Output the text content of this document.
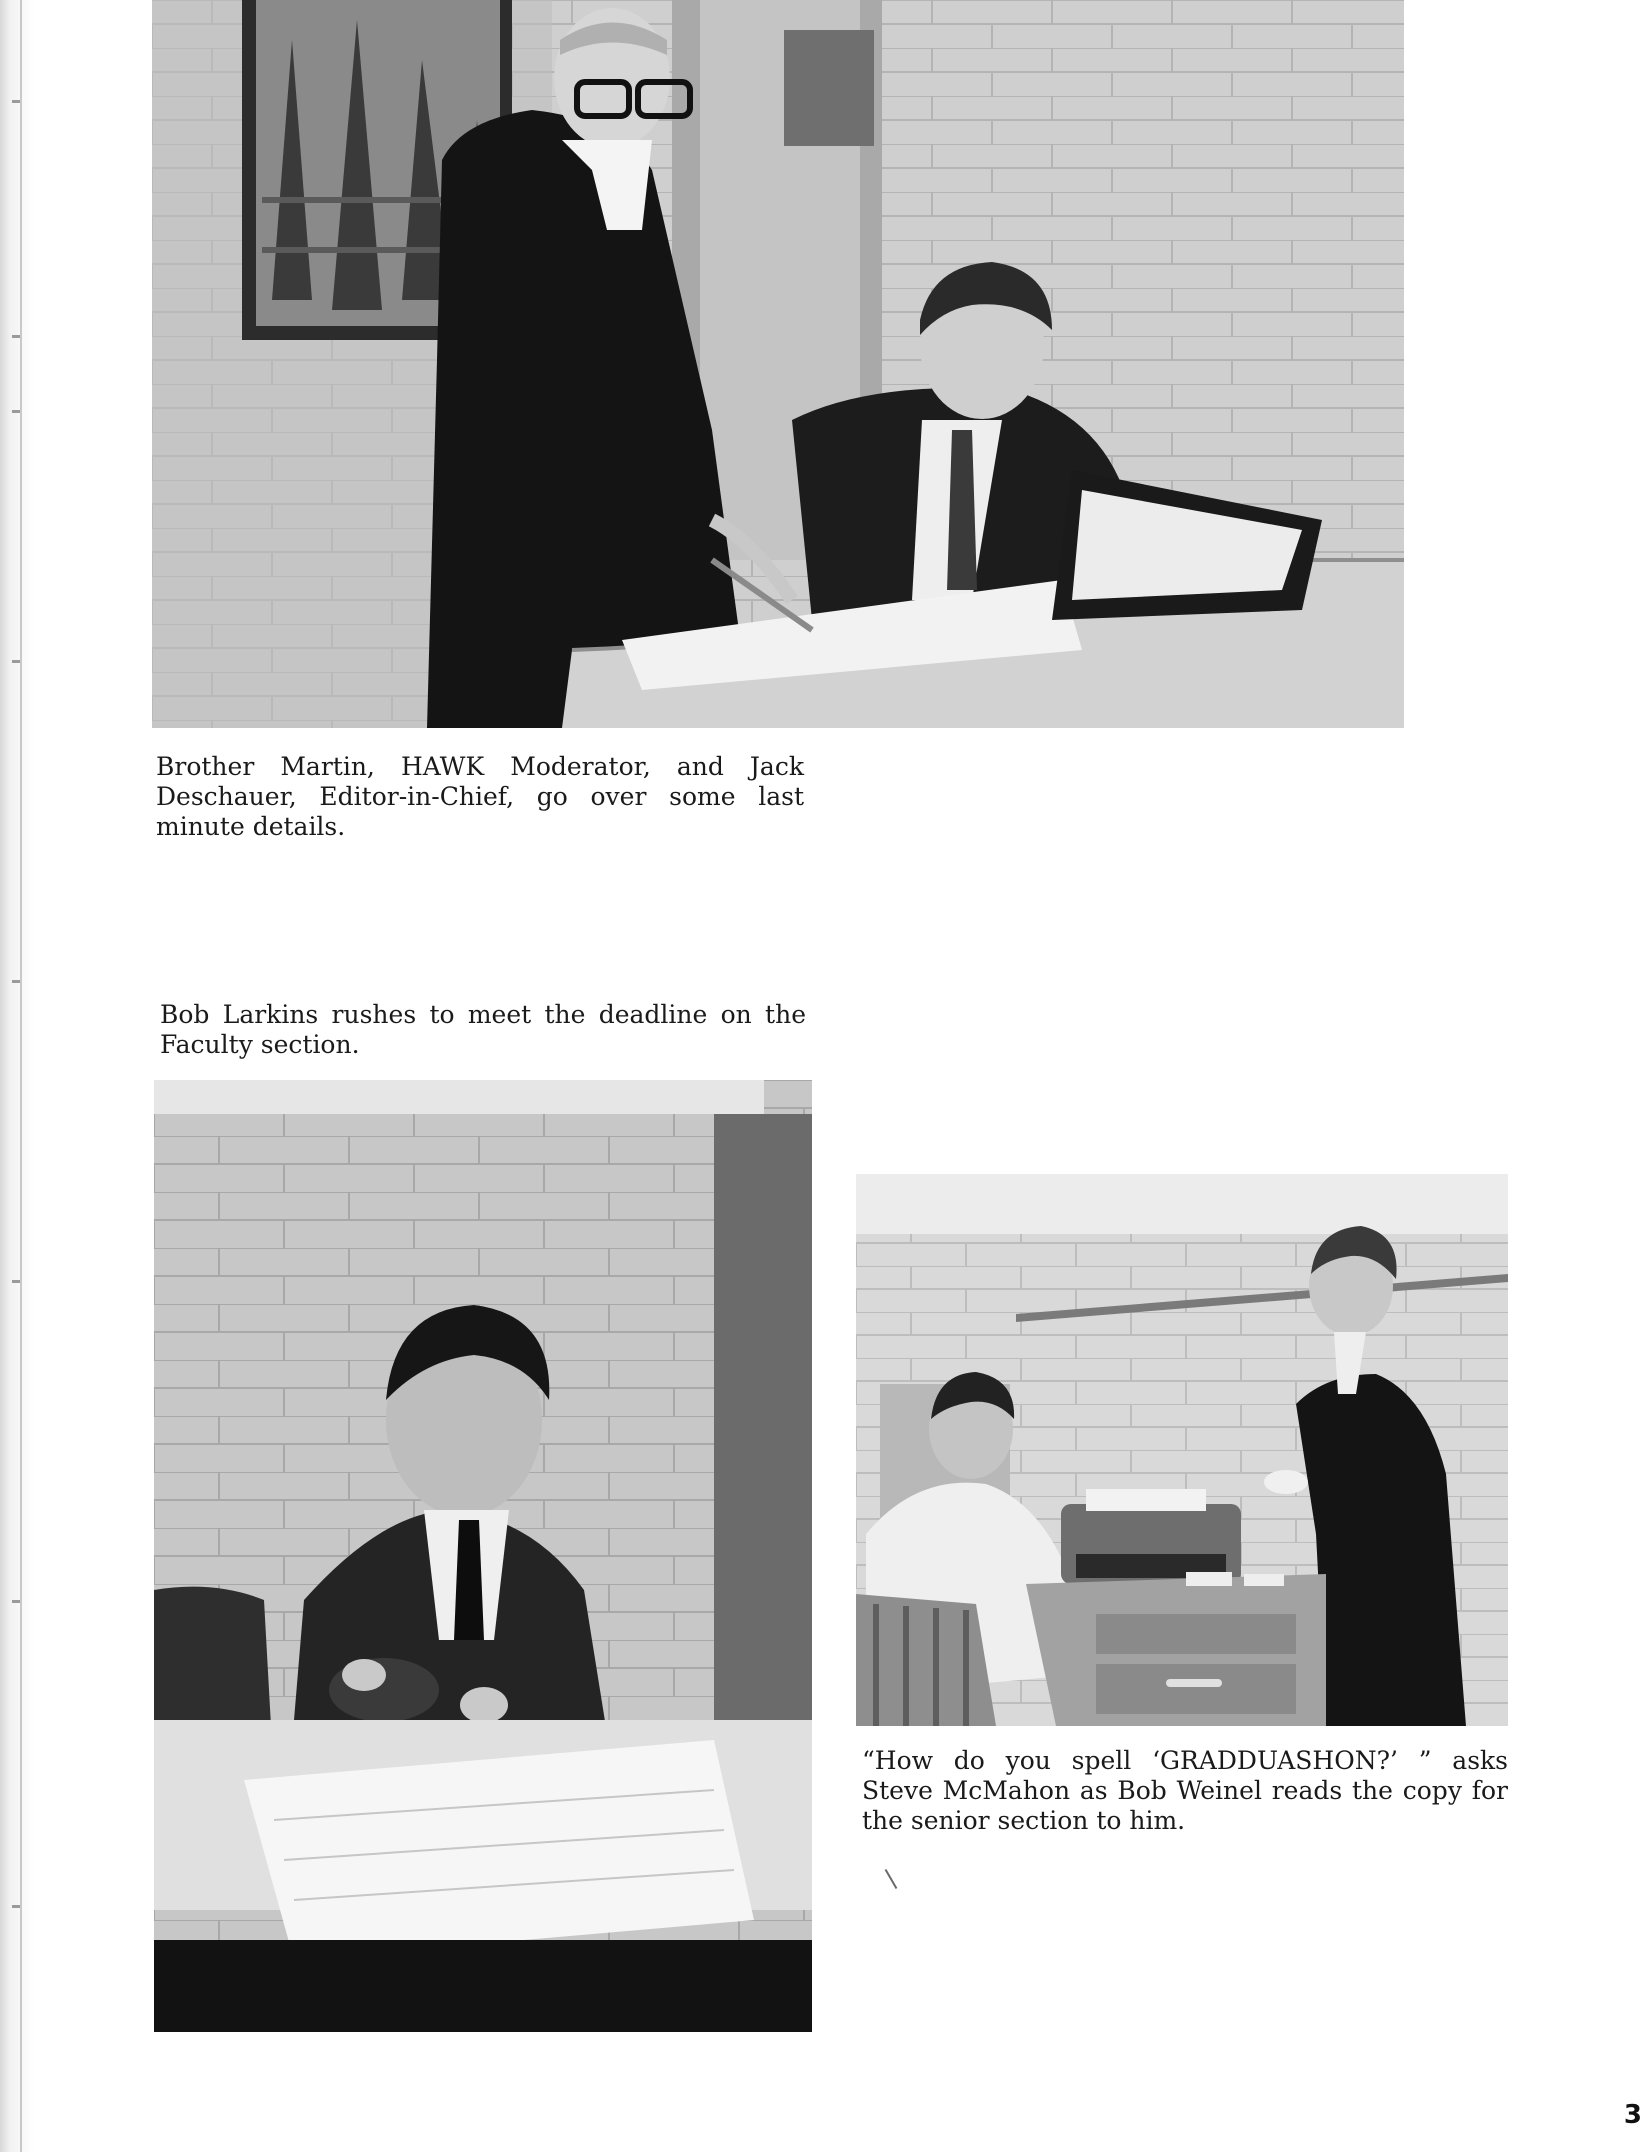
Brother Martin, HAWK Moderator, and Jack Deschauer, Editor-in-Chief, go over some last minute details.
Bob Larkins rushes to meet the deadline on the Faculty section.
“How do you spell ‘GRADDUASHON?’ ” asks Steve McMahon as Bob Weinel reads the copy for the senior section to him.
3
